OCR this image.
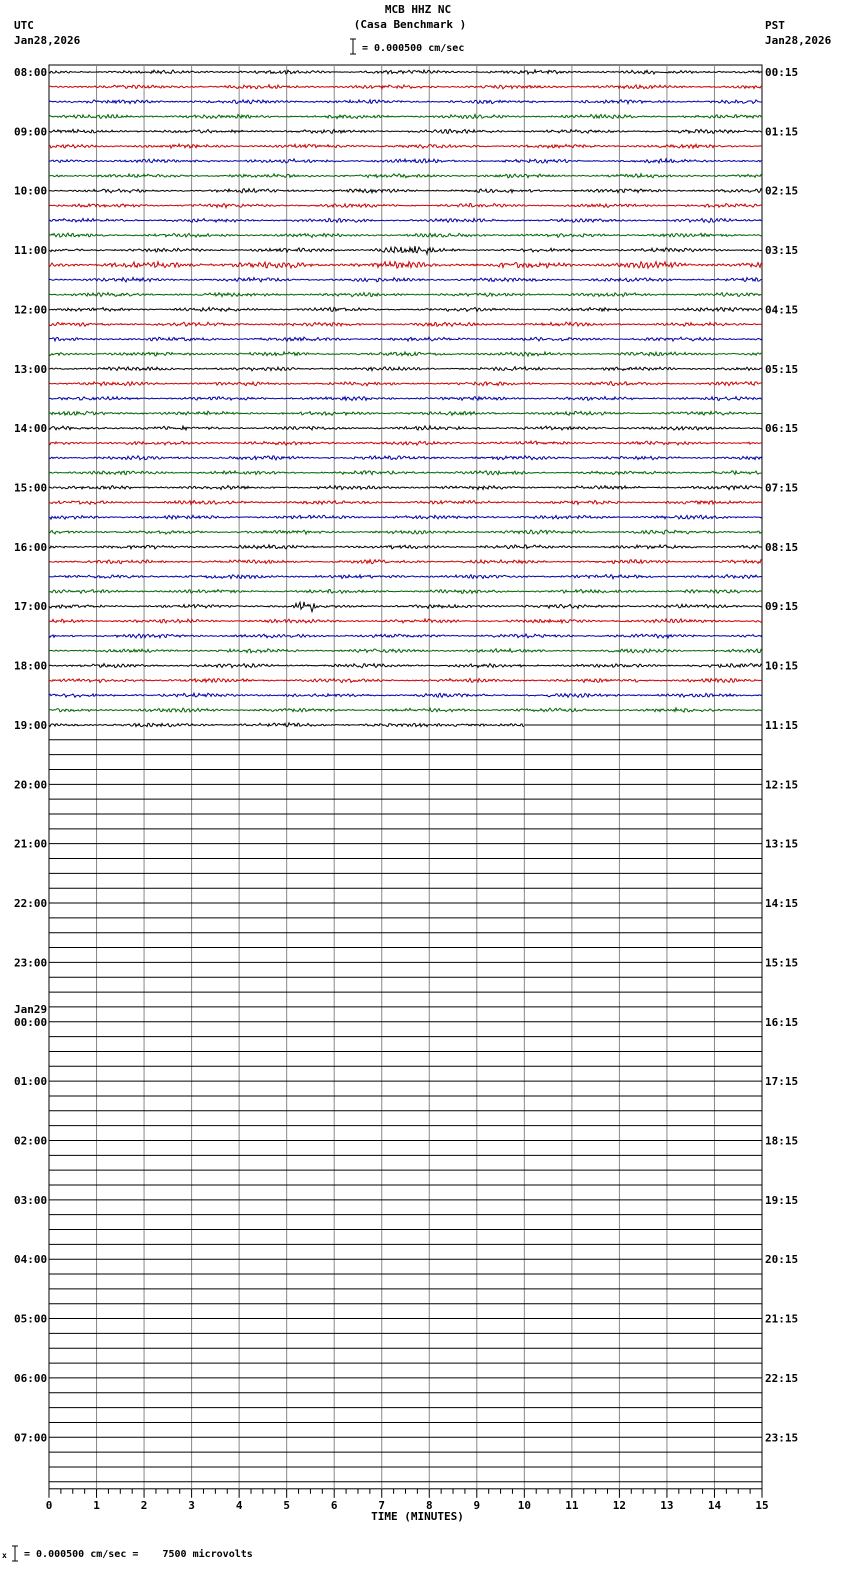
MCB HHZ NC
(Casa Benchmark )
= 0.000500 cm/sec
UTC
Jan28,2026
PST
Jan28,2026
08:00
09:00
10:00
11:00
12:00
13:00
14:00
15:00
16:00
17:00
18:00
19:00
20:00
21:00
22:00
23:00
00:00
Jan29
01:00
02:00
03:00
04:00
05:00
06:00
07:00
00:15
01:15
02:15
03:15
04:15
05:15
06:15
07:15
08:15
09:15
10:15
11:15
12:15
13:15
14:15
15:15
16:15
17:15
18:15
19:15
20:15
21:15
22:15
23:15
0	1	2	3	4	5	6	7	8	9	10	11	12	13	14	15
TIME (MINUTES)
x = 0.000500 cm/sec =    7500 microvolts
